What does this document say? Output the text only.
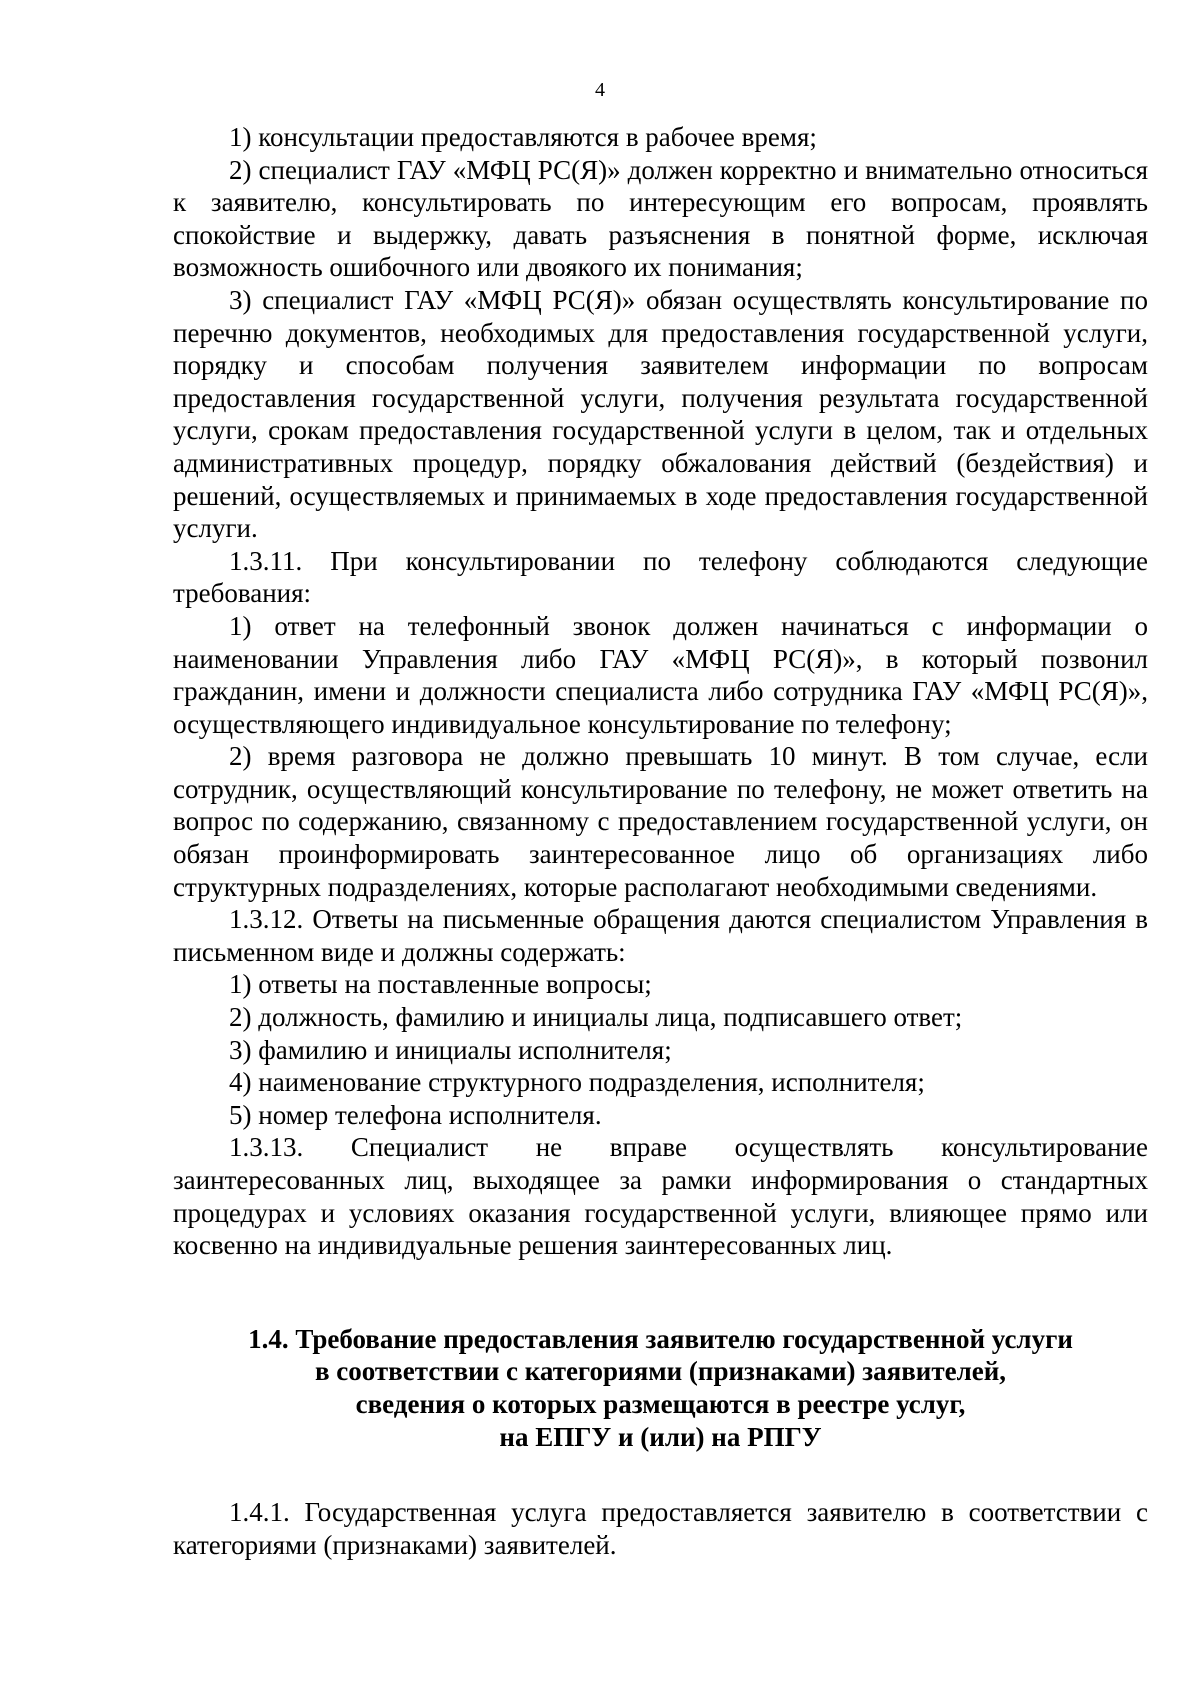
4

1) консультации предоставляются в рабочее время;

2) специалист ГАУ «МФЦ РС(Я)» должен корректно и внимательно относиться к заявителю, консультировать по интересующим его вопросам, проявлять спокойствие и выдержку, давать разъяснения в понятной форме, исключая возможность ошибочного или двоякого их понимания;

3) специалист ГАУ «МФЦ РС(Я)» обязан осуществлять консультирование по перечню документов, необходимых для предоставления государственной услуги, порядку и способам получения заявителем информации по вопросам предоставления государственной услуги, получения результата государственной услуги, срокам предоставления государственной услуги в целом, так и отдельных административных процедур, порядку обжалования действий (бездействия) и решений, осуществляемых и принимаемых в ходе предоставления государственной услуги.

1.3.11. При консультировании по телефону соблюдаются следующие требования:

1) ответ на телефонный звонок должен начинаться с информации о наименовании Управления либо ГАУ «МФЦ РС(Я)», в который позвонил гражданин, имени и должности специалиста либо сотрудника ГАУ «МФЦ РС(Я)», осуществляющего индивидуальное консультирование по телефону;

2) время разговора не должно превышать 10 минут. В том случае, если сотрудник, осуществляющий консультирование по телефону, не может ответить на вопрос по содержанию, связанному с предоставлением государственной услуги, он обязан проинформировать заинтересованное лицо об организациях либо структурных подразделениях, которые располагают необходимыми сведениями.

1.3.12. Ответы на письменные обращения даются специалистом Управления в письменном виде и должны содержать:

1) ответы на поставленные вопросы;

2) должность, фамилию и инициалы лица, подписавшего ответ;

3) фамилию и инициалы исполнителя;

4) наименование структурного подразделения, исполнителя;

5) номер телефона исполнителя.

1.3.13. Специалист не вправе осуществлять консультирование заинтересованных лиц, выходящее за рамки информирования о стандартных процедурах и условиях оказания государственной услуги, влияющее прямо или косвенно на индивидуальные решения заинтересованных лиц.

1.4. Требование предоставления заявителю государственной услуги
в соответствии с категориями (признаками) заявителей,
сведения о которых размещаются в реестре услуг,
на ЕПГУ и (или) на РПГУ

1.4.1. Государственная услуга предоставляется заявителю в соответствии с категориями (признаками) заявителей.
